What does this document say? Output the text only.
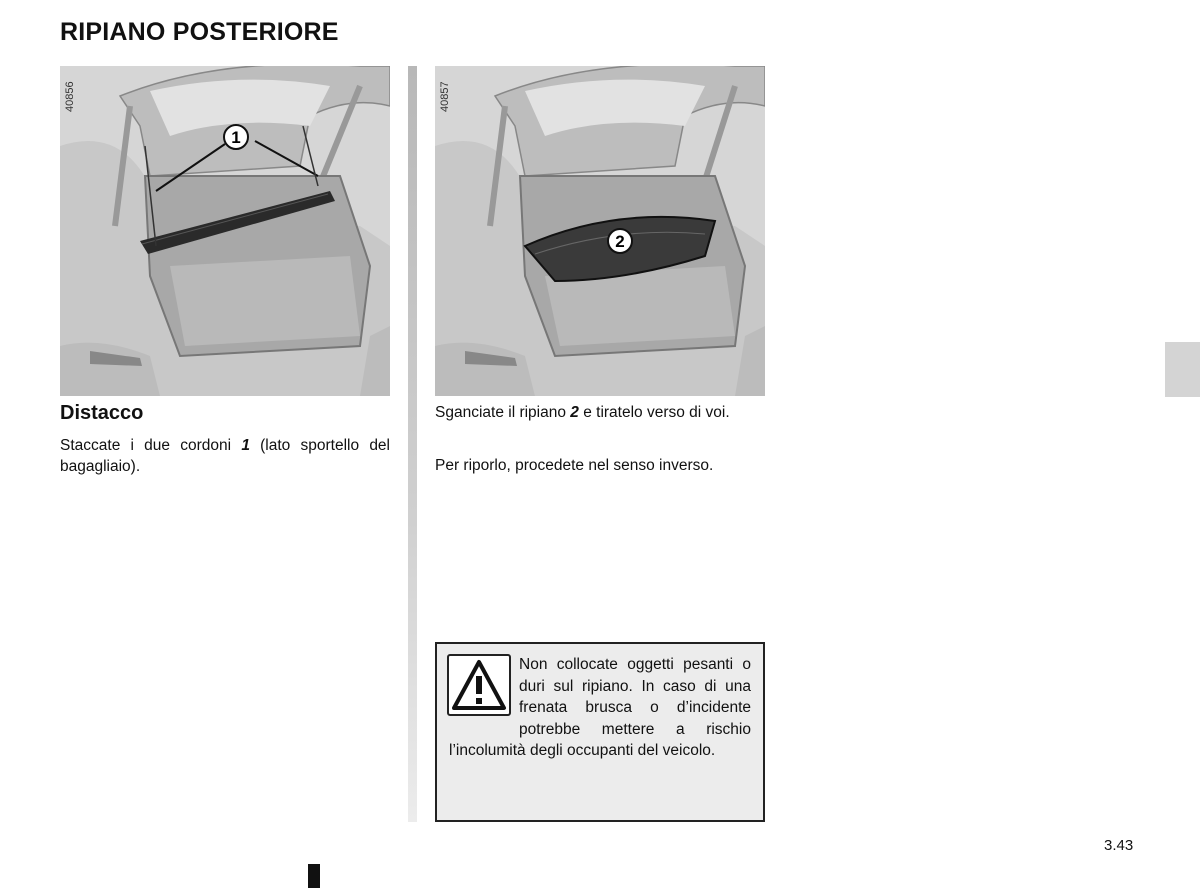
RIPIANO POSTERIORE
1
40856
2
40857
Distacco
Staccate i due cordoni 1 (lato sportello del bagagliaio).
Sganciate il ripiano 2 e tiratelo verso di voi.
Per riporlo, procedete nel senso inverso.
Non collocate oggetti pesanti o duri sul ripiano. In caso di una frenata brusca o d’incidente potrebbe mettere a rischio l’incolumità degli occupanti del veicolo.
3.43
